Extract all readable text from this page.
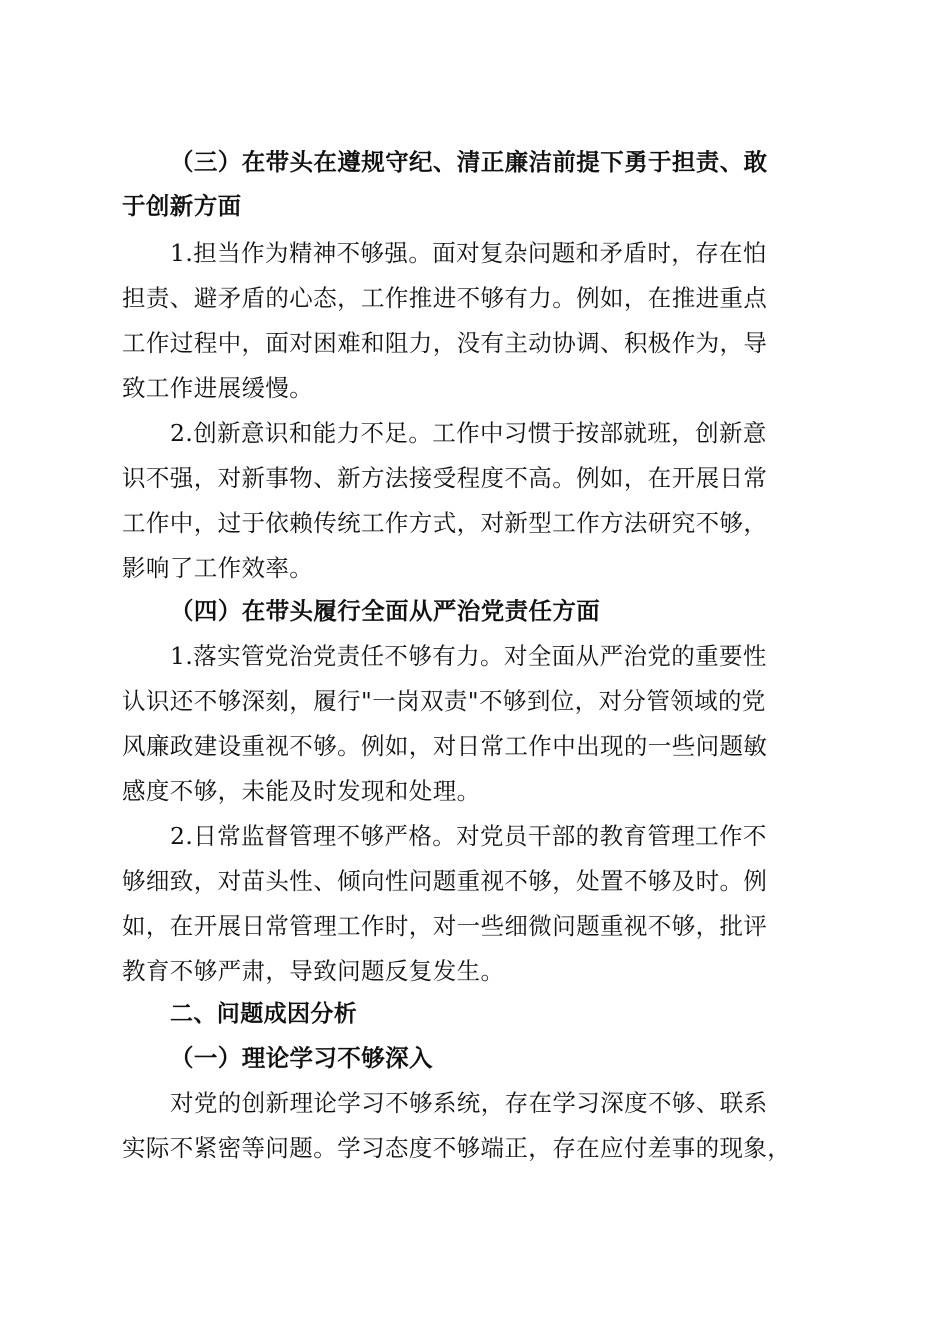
（三）在带头在遵规守纪、清正廉洁前提下勇于担责、敢
于创新方面
1.担当作为精神不够强。面对复杂问题和矛盾时，存在怕
担责、避矛盾的心态，工作推进不够有力。例如，在推进重点
工作过程中，面对困难和阻力，没有主动协调、积极作为，导
致工作进展缓慢。
2.创新意识和能力不足。工作中习惯于按部就班，创新意
识不强，对新事物、新方法接受程度不高。例如，在开展日常
工作中，过于依赖传统工作方式，对新型工作方法研究不够，
影响了工作效率。
（四）在带头履行全面从严治党责任方面
1.落实管党治党责任不够有力。对全面从严治党的重要性
认识还不够深刻，履行"一岗双责"不够到位，对分管领域的党
风廉政建设重视不够。例如，对日常工作中出现的一些问题敏
感度不够，未能及时发现和处理。
2.日常监督管理不够严格。对党员干部的教育管理工作不
够细致，对苗头性、倾向性问题重视不够，处置不够及时。例
如，在开展日常管理工作时，对一些细微问题重视不够，批评
教育不够严肃，导致问题反复发生。
二、问题成因分析
（一）理论学习不够深入
对党的创新理论学习不够系统，存在学习深度不够、联系
实际不紧密等问题。学习态度不够端正，存在应付差事的现象，
